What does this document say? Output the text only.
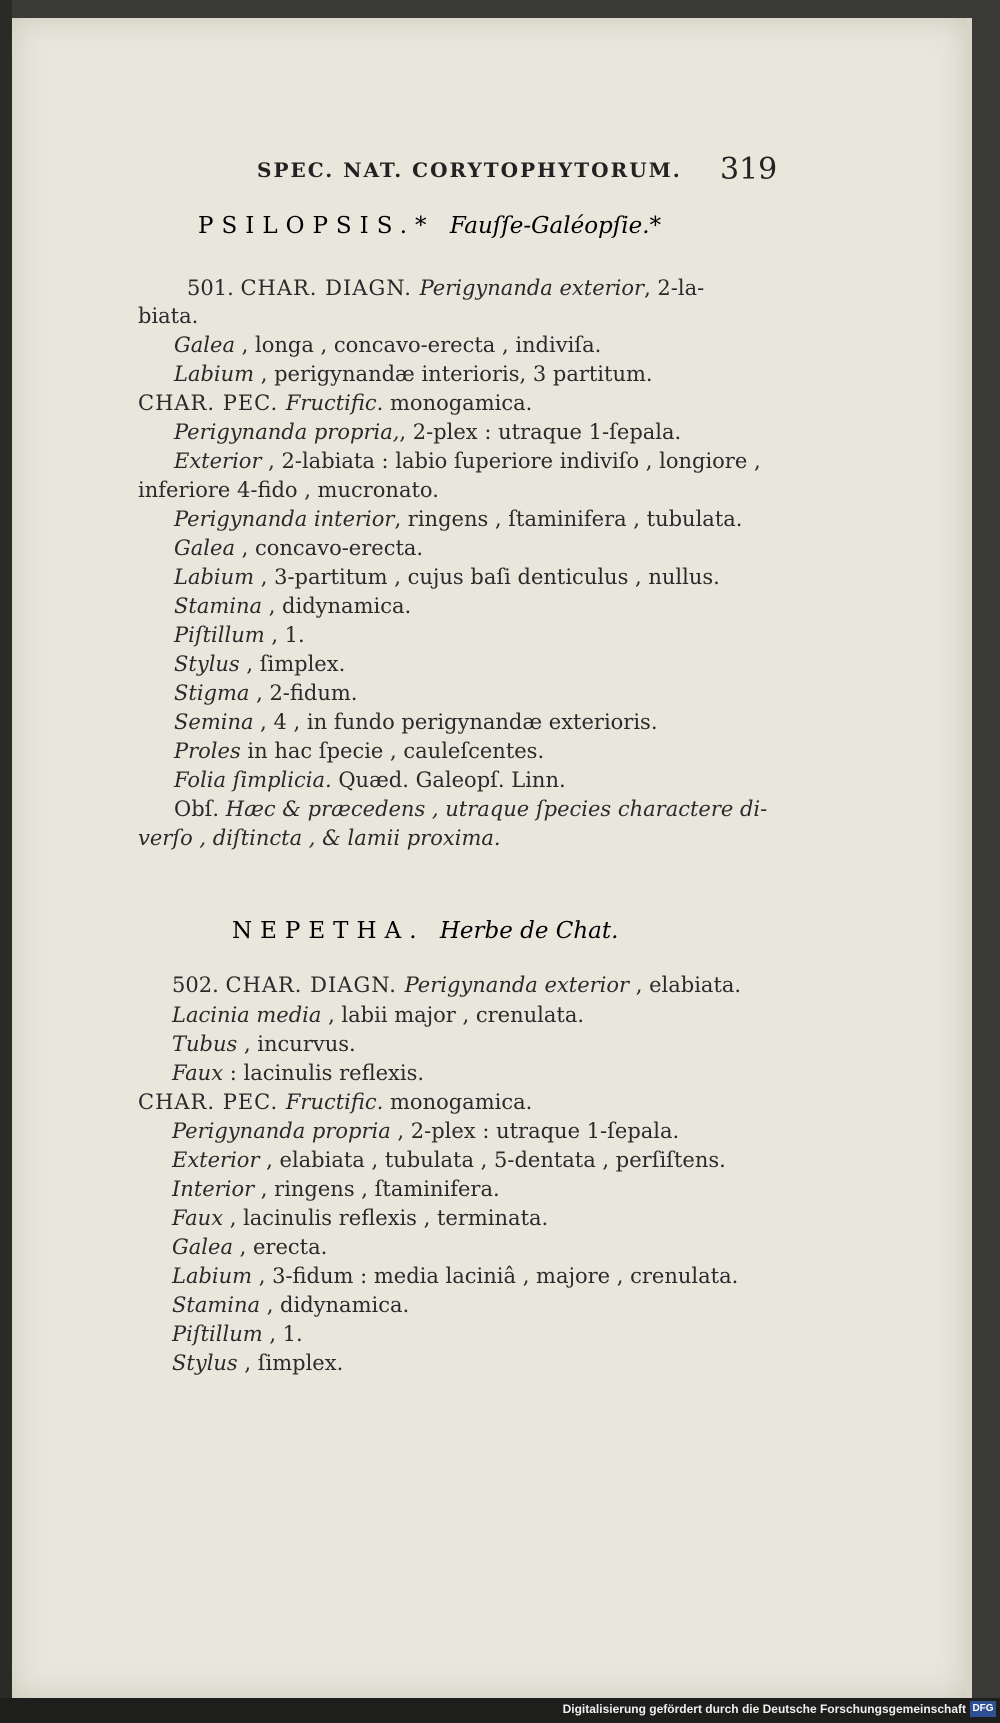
SPEC. NAT. CORYTOPHYTORUM. 319
PSILOPSIS.* Fauſſe-Galéopſie.*
501. CHAR. DIAGN. Perigynanda exterior, 2-la-
biata.
Galea , longa , concavo-erecta , indiviſa.
Labium , perigynandæ interioris, 3 partitum.
CHAR. PEC. Fructific. monogamica.
Perigynanda propria,, 2-plex : utraque 1-ſepala.
Exterior , 2-labiata : labio ſuperiore indiviſo , longiore ,
inferiore 4-fido , mucronato.
Perigynanda interior, ringens , ſtaminifera , tubulata.
Galea , concavo-erecta.
Labium , 3-partitum , cujus baſi denticulus , nullus.
Stamina , didynamica.
Piſtillum , 1.
Stylus , ſimplex.
Stigma , 2-fidum.
Semina , 4 , in fundo perigynandæ exterioris.
Proles in hac ſpecie , cauleſcentes.
Folia ſimplicia. Quæd. Galeopſ. Linn.
Obſ. Hæc & præcedens , utraque ſpecies charactere di-
verſo , diſtincta , & lamii proxima.
NEPETHA. Herbe de Chat.
502. CHAR. DIAGN. Perigynanda exterior , elabiata.
Lacinia media , labii major , crenulata.
Tubus , incurvus.
Faux : lacinulis reflexis.
CHAR. PEC. Fructific. monogamica.
Perigynanda propria , 2-plex : utraque 1-ſepala.
Exterior , elabiata , tubulata , 5-dentata , perſiſtens.
Interior , ringens , ſtaminifera.
Faux , lacinulis reflexis , terminata.
Galea , erecta.
Labium , 3-fidum : media laciniâ , majore , crenulata.
Stamina , didynamica.
Piſtillum , 1.
Stylus , ſimplex.
Digitalisierung gefördert durch die Deutsche Forschungsgemeinschaft DFG
